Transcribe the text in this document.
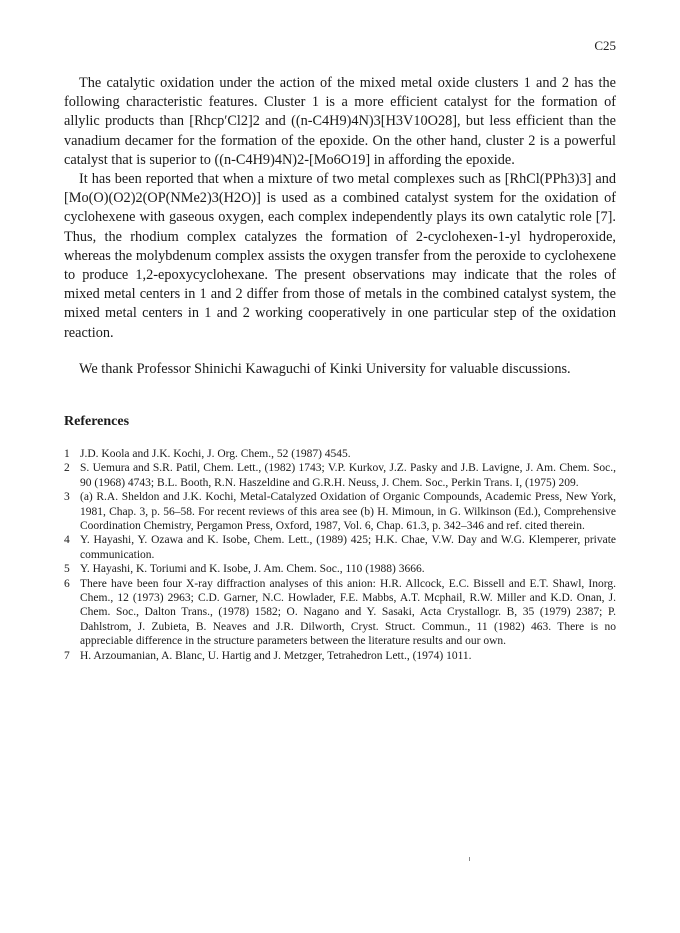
C25

The catalytic oxidation under the action of the mixed metal oxide clusters 1 and 2 has the following characteristic features. Cluster 1 is a more efficient catalyst for the formation of allylic products than [Rhcp′Cl2]2 and ((n-C4H9)4N)3[H3V10O28], but less efficient than the vanadium decamer for the formation of the epoxide. On the other hand, cluster 2 is a powerful catalyst that is superior to ((n-C4H9)4N)2-[Mo6O19] in affording the epoxide.

It has been reported that when a mixture of two metal complexes such as [RhCl(PPh3)3] and [Mo(O)(O2)2(OP(NMe2)3(H2O)] is used as a combined catalyst system for the oxidation of cyclohexene with gaseous oxygen, each complex independently plays its own catalytic role [7]. Thus, the rhodium complex catalyzes the formation of 2-cyclohexen-1-yl hydroperoxide, whereas the molybdenum complex assists the oxygen transfer from the peroxide to cyclohexene to produce 1,2-epoxycyclohexane. The present observations may indicate that the roles of mixed metal centers in 1 and 2 differ from those of metals in the combined catalyst system, the mixed metal centers in 1 and 2 working cooperatively in one particular step of the oxidation reaction.

We thank Professor Shinichi Kawaguchi of Kinki University for valuable discussions.

References
1 J.D. Koola and J.K. Kochi, J. Org. Chem., 52 (1987) 4545.
2 S. Uemura and S.R. Patil, Chem. Lett., (1982) 1743; V.P. Kurkov, J.Z. Pasky and J.B. Lavigne, J. Am. Chem. Soc., 90 (1968) 4743; B.L. Booth, R.N. Haszeldine and G.R.H. Neuss, J. Chem. Soc., Perkin Trans. I, (1975) 209.
3 (a) R.A. Sheldon and J.K. Kochi, Metal-Catalyzed Oxidation of Organic Compounds, Academic Press, New York, 1981, Chap. 3, p. 56–58. For recent reviews of this area see (b) H. Mimoun, in G. Wilkinson (Ed.), Comprehensive Coordination Chemistry, Pergamon Press, Oxford, 1987, Vol. 6, Chap. 61.3, p. 342–346 and ref. cited therein.
4 Y. Hayashi, Y. Ozawa and K. Isobe, Chem. Lett., (1989) 425; H.K. Chae, V.W. Day and W.G. Klemperer, private communication.
5 Y. Hayashi, K. Toriumi and K. Isobe, J. Am. Chem. Soc., 110 (1988) 3666.
6 There have been four X-ray diffraction analyses of this anion: H.R. Allcock, E.C. Bissell and E.T. Shawl, Inorg. Chem., 12 (1973) 2963; C.D. Garner, N.C. Howlader, F.E. Mabbs, A.T. Mcphail, R.W. Miller and K.D. Onan, J. Chem. Soc., Dalton Trans., (1978) 1582; O. Nagano and Y. Sasaki, Acta Crystallogr. B, 35 (1979) 2387; P. Dahlstrom, J. Zubieta, B. Neaves and J.R. Dilworth, Cryst. Struct. Commun., 11 (1982) 463. There is no appreciable difference in the structure parameters between the literature results and our own.
7 H. Arzoumanian, A. Blanc, U. Hartig and J. Metzger, Tetrahedron Lett., (1974) 1011.
